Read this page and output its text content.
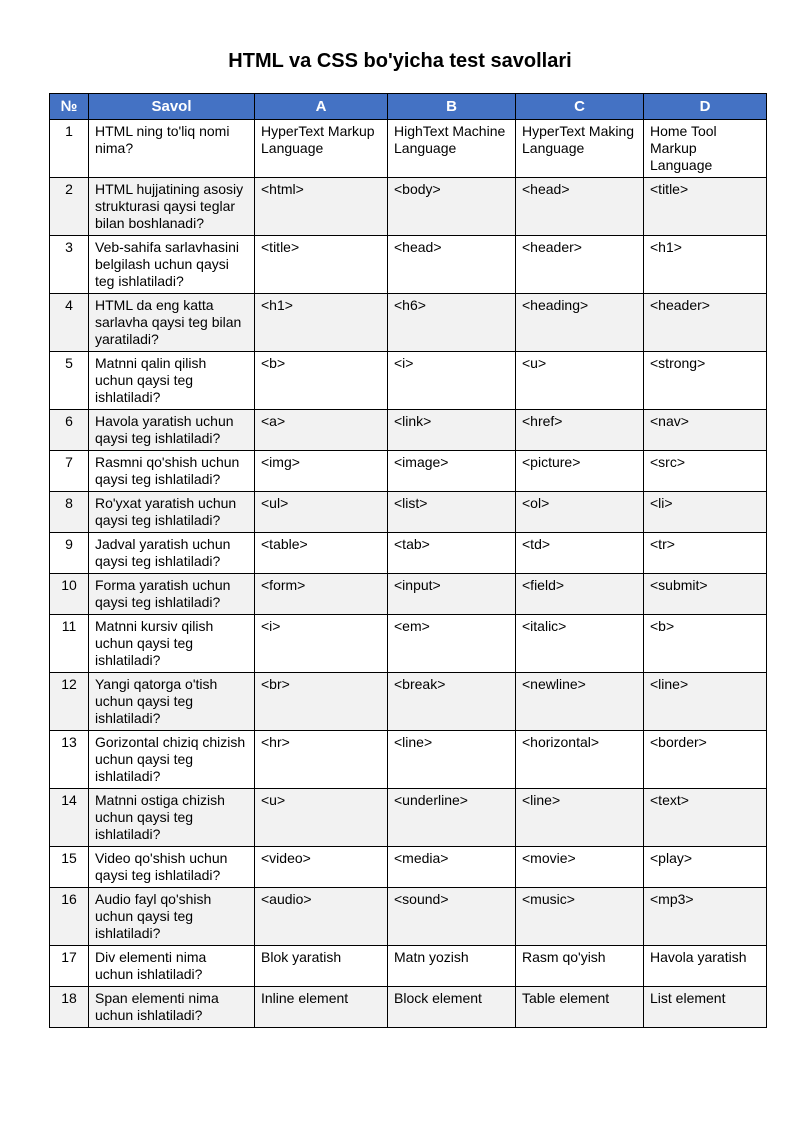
HTML va CSS bo'yicha test savollari
№	Savol	A	B	C	D
1	HTML ning to'liq nomi nima?	HyperText Markup Language	HighText Machine Language	HyperText Making Language	Home Tool Markup Language
2	HTML hujjatining asosiy strukturasi qaysi teglar bilan boshlanadi?	<html>	<body>	<head>	<title>
3	Veb-sahifa sarlavhasini belgilash uchun qaysi teg ishlatiladi?	<title>	<head>	<header>	<h1>
4	HTML da eng katta sarlavha qaysi teg bilan yaratiladi?	<h1>	<h6>	<heading>	<header>
5	Matnni qalin qilish uchun qaysi teg ishlatiladi?	<b>	<i>	<u>	<strong>
6	Havola yaratish uchun qaysi teg ishlatiladi?	<a>	<link>	<href>	<nav>
7	Rasmni qo'shish uchun qaysi teg ishlatiladi?	<img>	<image>	<picture>	<src>
8	Ro'yxat yaratish uchun qaysi teg ishlatiladi?	<ul>	<list>	<ol>	<li>
9	Jadval yaratish uchun qaysi teg ishlatiladi?	<table>	<tab>	<td>	<tr>
10	Forma yaratish uchun qaysi teg ishlatiladi?	<form>	<input>	<field>	<submit>
11	Matnni kursiv qilish uchun qaysi teg ishlatiladi?	<i>	<em>	<italic>	<b>
12	Yangi qatorga o'tish uchun qaysi teg ishlatiladi?	<br>	<break>	<newline>	<line>
13	Gorizontal chiziq chizish uchun qaysi teg ishlatiladi?	<hr>	<line>	<horizontal>	<border>
14	Matnni ostiga chizish uchun qaysi teg ishlatiladi?	<u>	<underline>	<line>	<text>
15	Video qo'shish uchun qaysi teg ishlatiladi?	<video>	<media>	<movie>	<play>
16	Audio fayl qo'shish uchun qaysi teg ishlatiladi?	<audio>	<sound>	<music>	<mp3>
17	Div elementi nima uchun ishlatiladi?	Blok yaratish	Matn yozish	Rasm qo'yish	Havola yaratish
18	Span elementi nima uchun ishlatiladi?	Inline element	Block element	Table element	List element
